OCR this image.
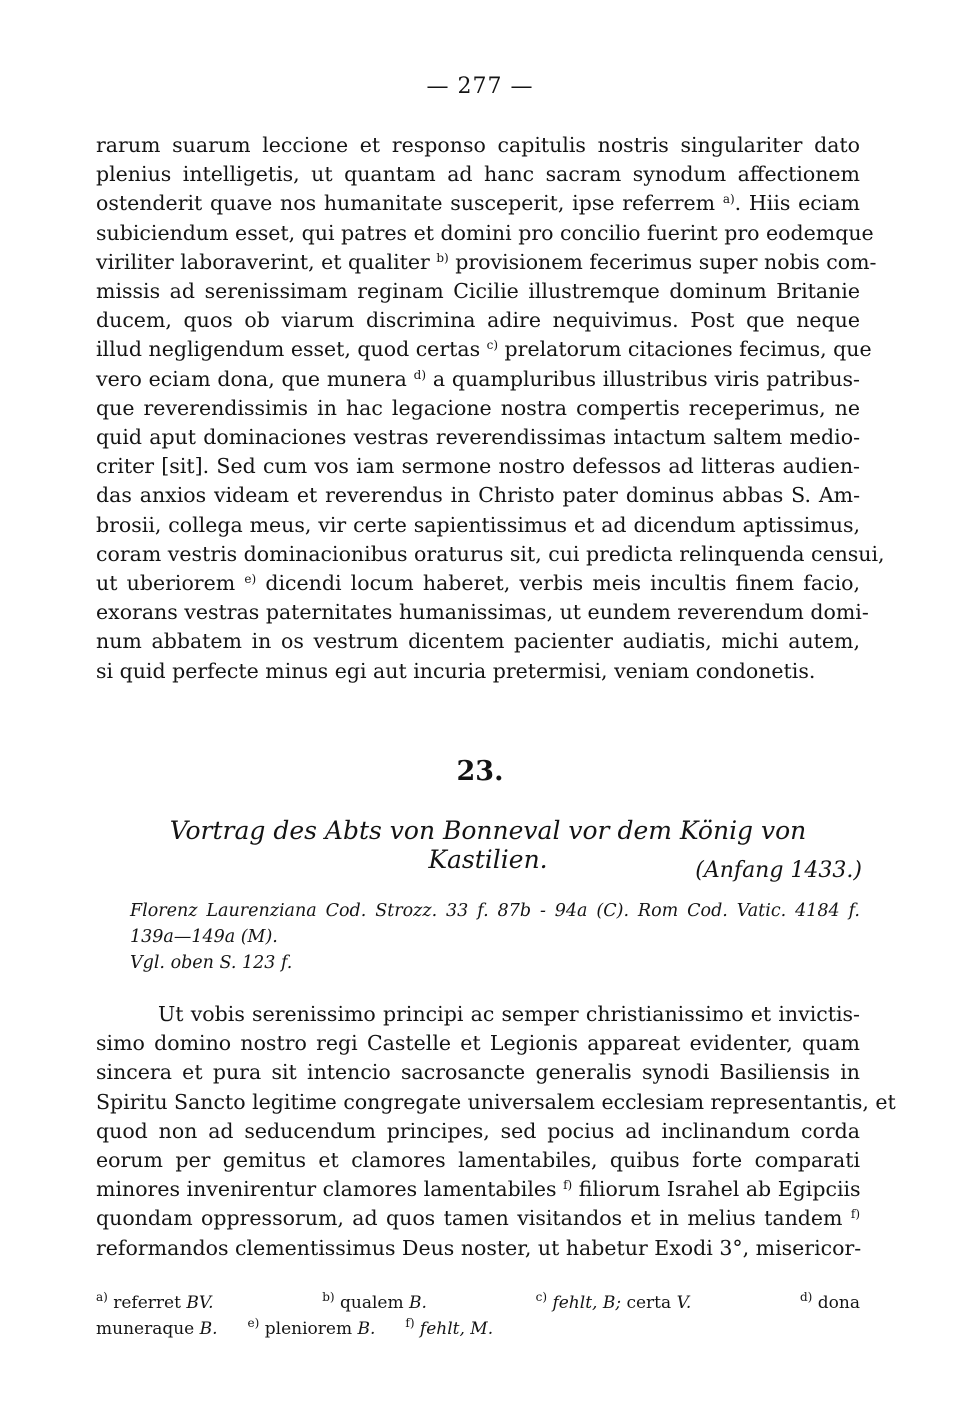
— 277 —
rarum suarum leccione et responso capitulis nostris singulariter dato
plenius intelligetis, ut quantam ad hanc sacram synodum affectionem
ostenderit quave nos humanitate susceperit, ipse referrem $^{a)}$. Hiis eciam
subiciendum esset, qui patres et domini pro concilio fuerint pro eodemque
viriliter laboraverint, et qualiter $^{b)}$ provisionem fecerimus super nobis com-
missis ad serenissimam reginam Cicilie illustremque dominum Britanie
ducem, quos ob viarum discrimina adire nequivimus. Post que neque
illud negligendum esset, quod certas $^{c)}$ prelatorum citaciones fecimus, que
vero eciam dona, que munera $^{d)}$ a quampluribus illustribus viris patribus-
que reverendissimis in hac legacione nostra compertis receperimus, ne
quid aput dominaciones vestras reverendissimas intactum saltem medio-
criter [sit]. Sed cum vos iam sermone nostro defessos ad litteras audien-
das anxios videam et reverendus in Christo pater dominus abbas S. Am-
brosii, collega meus, vir certe sapientissimus et ad dicendum aptissimus,
coram vestris dominacionibus oraturus sit, cui predicta relinquenda censui,
ut uberiorem $^{e)}$ dicendi locum haberet, verbis meis incultis finem facio,
exorans vestras paternitates humanissimas, ut eundem reverendum domi-
num abbatem in os vestrum dicentem pacienter audiatis, michi autem,
si quid perfecte minus egi aut incuria pretermisi, veniam condonetis.
23.
Vortrag des Abts von Bonneval vor dem König von Kastilien.	(Anfang 1433.)
Florenz Laurenziana Cod. Strozz. 33 f. 87b - 94a (C). Rom Cod. Vatic. 4184 f.
139a—149a (M).
Vgl. oben S. 123 f.
Ut vobis serenissimo principi ac semper christianissimo et invictis-
simo domino nostro regi Castelle et Legionis appareat evidenter, quam
sincera et pura sit intencio sacrosancte generalis synodi Basiliensis in
Spiritu Sancto legitime congregate universalem ecclesiam representantis, et
quod non ad seducendum principes, sed pocius ad inclinandum corda
eorum per gemitus et clamores lamentabiles, quibus forte comparati
minores invenirentur clamores lamentabiles $^{f)}$ filiorum Israhel ab Egipciis
quondam oppressorum, ad quos tamen visitandos et in melius tandem $^{f)}$
reformandos clementissimus Deus noster, ut habetur Exodi 3°, misericor-
$^{a)}$ referret BV.	$^{b)}$ qualem B.	$^{c)}$ fehlt, B; certa V.	$^{d)}$ dona
muneraque B.	$^{e)}$ pleniorem B.	$^{f)}$ fehlt, M.
